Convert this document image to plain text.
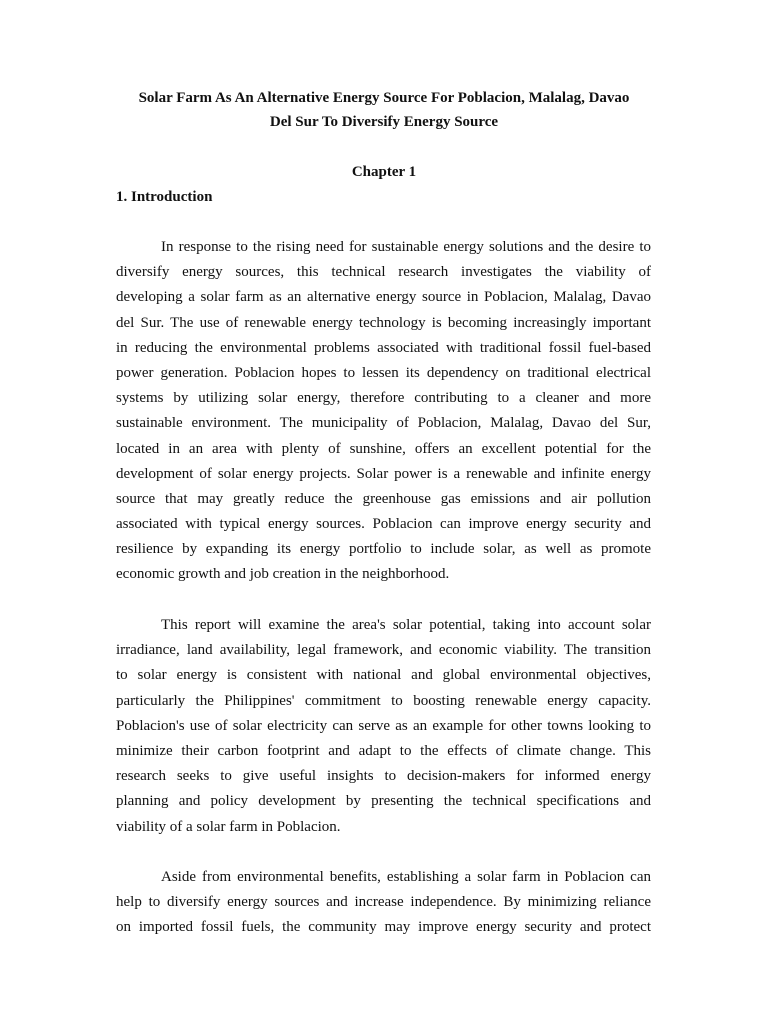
Solar Farm As An Alternative Energy Source For Poblacion, Malalag, Davao
Del Sur To Diversify Energy Source
Chapter 1
1. Introduction
In response to the rising need for sustainable energy solutions and the desire to
diversify energy sources, this technical research investigates the viability of
developing a solar farm as an alternative energy source in Poblacion, Malalag, Davao
del Sur. The use of renewable energy technology is becoming increasingly important
in reducing the environmental problems associated with traditional fossil fuel-based
power generation. Poblacion hopes to lessen its dependency on traditional electrical
systems by utilizing solar energy, therefore contributing to a cleaner and more
sustainable environment. The municipality of Poblacion, Malalag, Davao del Sur,
located in an area with plenty of sunshine, offers an excellent potential for the
development of solar energy projects. Solar power is a renewable and infinite energy
source that may greatly reduce the greenhouse gas emissions and air pollution
associated with typical energy sources. Poblacion can improve energy security and
resilience by expanding its energy portfolio to include solar, as well as promote
economic growth and job creation in the neighborhood.
This report will examine the area's solar potential, taking into account solar
irradiance, land availability, legal framework, and economic viability. The transition
to solar energy is consistent with national and global environmental objectives,
particularly the Philippines' commitment to boosting renewable energy capacity.
Poblacion's use of solar electricity can serve as an example for other towns looking to
minimize their carbon footprint and adapt to the effects of climate change. This
research seeks to give useful insights to decision-makers for informed energy
planning and policy development by presenting the technical specifications and
viability of a solar farm in Poblacion.
Aside from environmental benefits, establishing a solar farm in Poblacion can
help to diversify energy sources and increase independence. By minimizing reliance
on imported fossil fuels, the community may improve energy security and protect
